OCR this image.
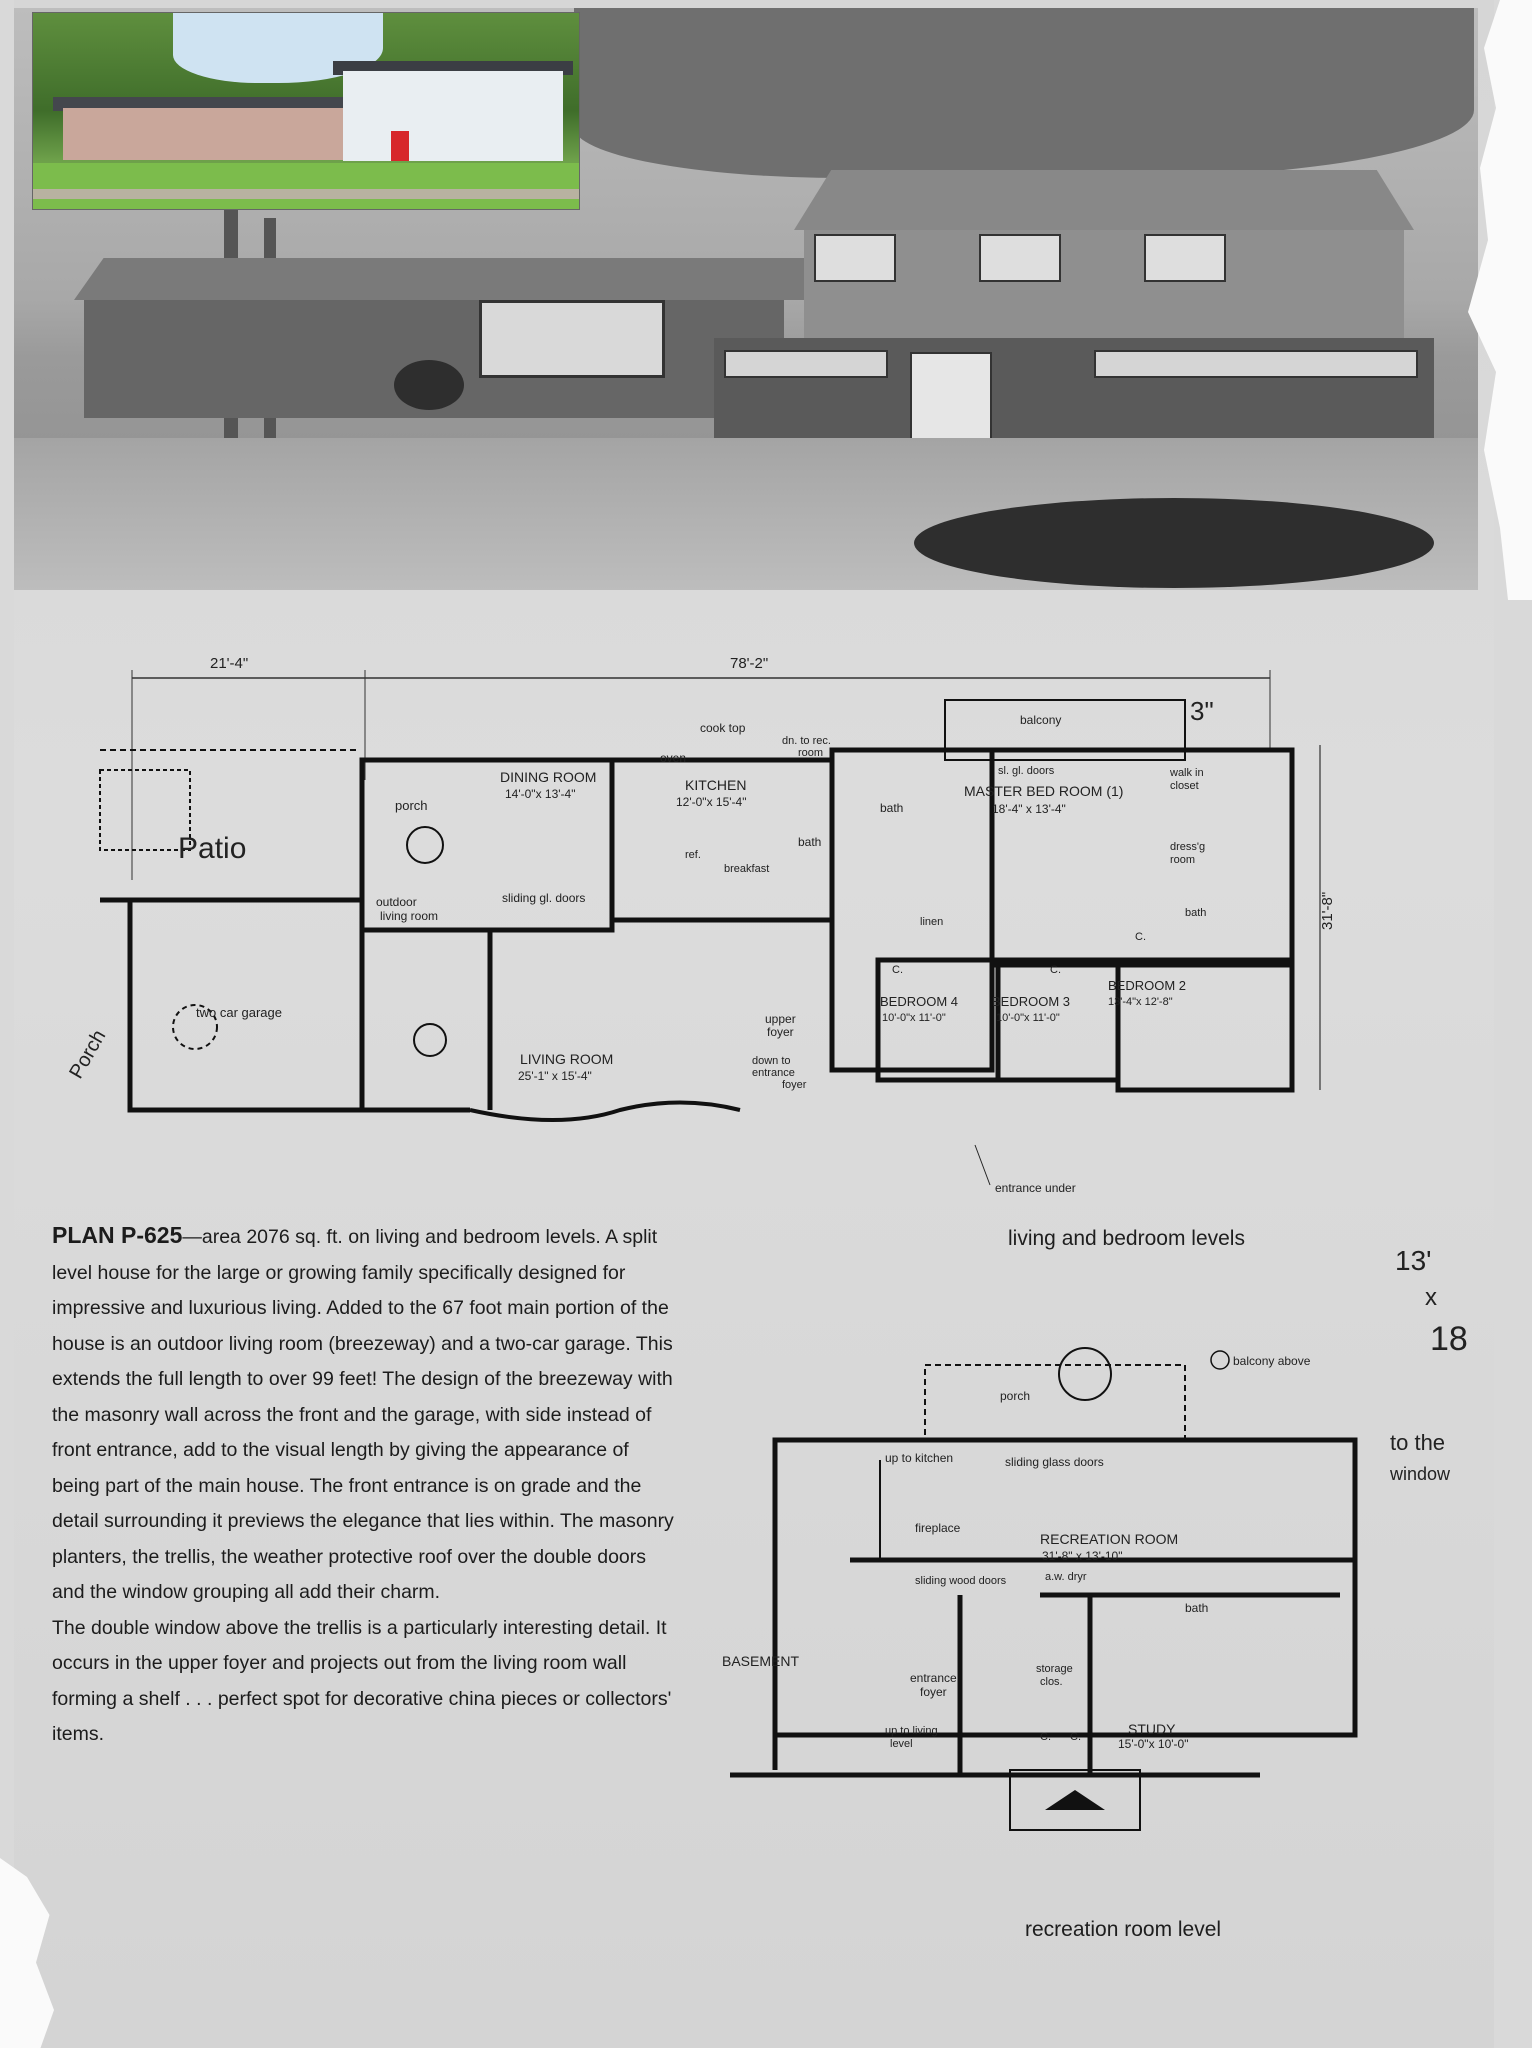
21'-4"	78'-2"
31'-8"
DINING ROOM
14'-0"x 13'-4"
KITCHEN
12'-0"x 15'-4"
cook top
oven
dn. to rec.
room
bath
bath
ref.
breakfast
sliding gl. doors
balcony
sl. gl. doors
MASTER BED ROOM (1)
18'-4" x 13'-4"
walk in
closet
dress'g
room
bath
linen
C.	C.
C.
BEDROOM 4
10'-0"x 11'-0"
BEDROOM 3
10'-0"x 11'-0"
BEDROOM 2
13'-4"x 12'-8"
upper
foyer
down to
entrance
foyer
LIVING ROOM
25'-1" x 15'-4"
porch
outdoor
living room
two car garage
entrance under
Patio
Porch
3"
living and bedroom levels
13'
x
18

PLAN P-625—area 2076 sq. ft. on living and bedroom levels. A split level house for the large or growing family specifically designed for impressive and luxurious living. Added to the 67 foot main portion of the house is an outdoor living room (breezeway) and a two-car garage. This extends the full length to over 99 feet! The design of the breezeway with the masonry wall across the front and the garage, with side instead of front entrance, add to the visual length by giving the appearance of being part of the main house. The front entrance is on grade and the detail surrounding it previews the elegance that lies within. The masonry planters, the trellis, the weather protective roof over the double doors and the window grouping all add their charm.

The double window above the trellis is a particularly interesting detail. It occurs in the upper foyer and projects out from the living room wall forming a shelf . . . perfect spot for decorative china pieces or collectors' items.

porch
balcony above
up to kitchen	sliding glass doors
fireplace
RECREATION ROOM
31'-8" x 13'-10"
sliding wood doors	a.w. dryr
bath
BASEMENT
entrance
foyer
storage
clos.
up to living
level
C. C.	STUDY
15'-0"x 10'-0"
to the
window
recreation room level
